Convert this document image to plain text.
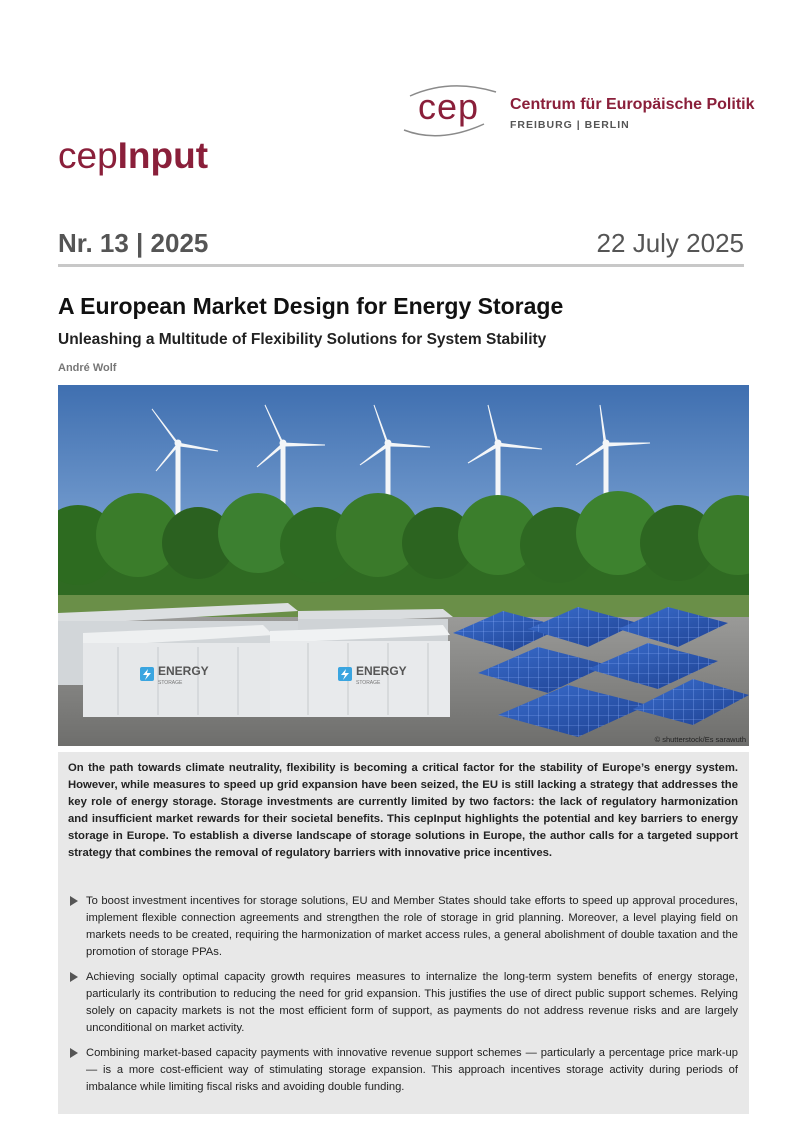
cep Centrum für Europäische Politik
FREIBURG | BERLIN
cepInput
Nr. 13 | 2025	22 July 2025
A European Market Design for Energy Storage
Unleashing a Multitude of Flexibility Solutions for System Stability
André Wolf
ENERGY
STORAGE
ENERGY
STORAGE
© shutterstock/Es sarawuth

On the path towards climate neutrality, flexibility is becoming a critical factor for the stability of Europe’s energy system. However, while measures to speed up grid expansion have been seized, the EU is still lacking a strategy that addresses the key role of energy storage. Storage investments are currently limited by two factors: the lack of regulatory harmonization and insufficient market rewards for their societal benefits. This cepInput highlights the potential and key barriers to energy storage in Europe. To establish a diverse landscape of storage solutions in Europe, the author calls for a targeted support strategy that combines the removal of regulatory barriers with innovative price incentives.

To boost investment incentives for storage solutions, EU and Member States should take efforts to speed up approval procedures, implement flexible connection agreements and strengthen the role of storage in grid planning. Moreover, a level playing field on markets needs to be created, requiring the harmonization of market access rules, a general abolishment of double taxation and the promotion of storage PPAs.
Achieving socially optimal capacity growth requires measures to internalize the long-term system benefits of energy storage, particularly its contribution to reducing the need for grid expansion. This justifies the use of direct public support schemes. Relying solely on capacity markets is not the most efficient form of support, as payments do not address revenue risks and are largely unconditional on market activity.
Combining market-based capacity payments with innovative revenue support schemes — particularly a percentage price mark-up — is a more cost-efficient way of stimulating storage expansion. This approach incentives storage activity during periods of imbalance while limiting fiscal risks and avoiding double funding.
